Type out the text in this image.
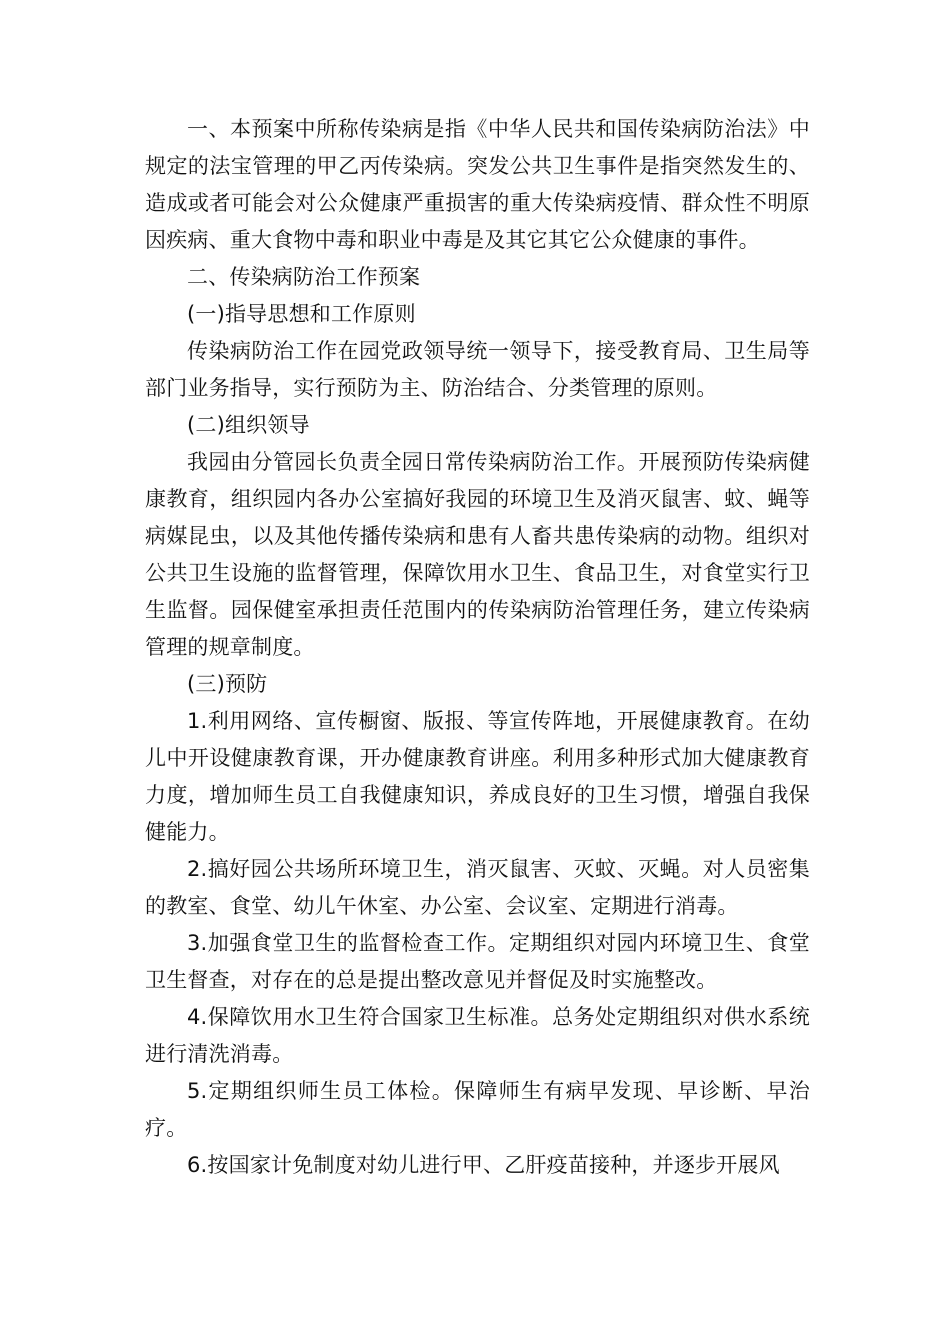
一、本预案中所称传染病是指《中华人民共和国传染病防治法》中规定的法宝管理的甲乙丙传染病。突发公共卫生事件是指突然发生的、造成或者可能会对公众健康严重损害的重大传染病疫情、群众性不明原因疾病、重大食物中毒和职业中毒是及其它其它公众健康的事件。

二、传染病防治工作预案

(一)指导思想和工作原则

传染病防治工作在园党政领导统一领导下，接受教育局、卫生局等部门业务指导，实行预防为主、防治结合、分类管理的原则。

(二)组织领导

我园由分管园长负责全园日常传染病防治工作。开展预防传染病健康教育，组织园内各办公室搞好我园的环境卫生及消灭鼠害、蚊、蝇等病媒昆虫，以及其他传播传染病和患有人畜共患传染病的动物。组织对公共卫生设施的监督管理，保障饮用水卫生、食品卫生，对食堂实行卫生监督。园保健室承担责任范围内的传染病防治管理任务，建立传染病管理的规章制度。

(三)预防

1.利用网络、宣传橱窗、版报、等宣传阵地，开展健康教育。在幼儿中开设健康教育课，开办健康教育讲座。利用多种形式加大健康教育力度，增加师生员工自我健康知识，养成良好的卫生习惯，增强自我保健能力。

2.搞好园公共场所环境卫生，消灭鼠害、灭蚊、灭蝇。对人员密集的教室、食堂、幼儿午休室、办公室、会议室、定期进行消毒。

3.加强食堂卫生的监督检查工作。定期组织对园内环境卫生、食堂卫生督查，对存在的总是提出整改意见并督促及时实施整改。

4.保障饮用水卫生符合国家卫生标准。总务处定期组织对供水系统进行清洗消毒。

5.定期组织师生员工体检。保障师生有病早发现、早诊断、早治疗。

6.按国家计免制度对幼儿进行甲、乙肝疫苗接种，并逐步开展风
